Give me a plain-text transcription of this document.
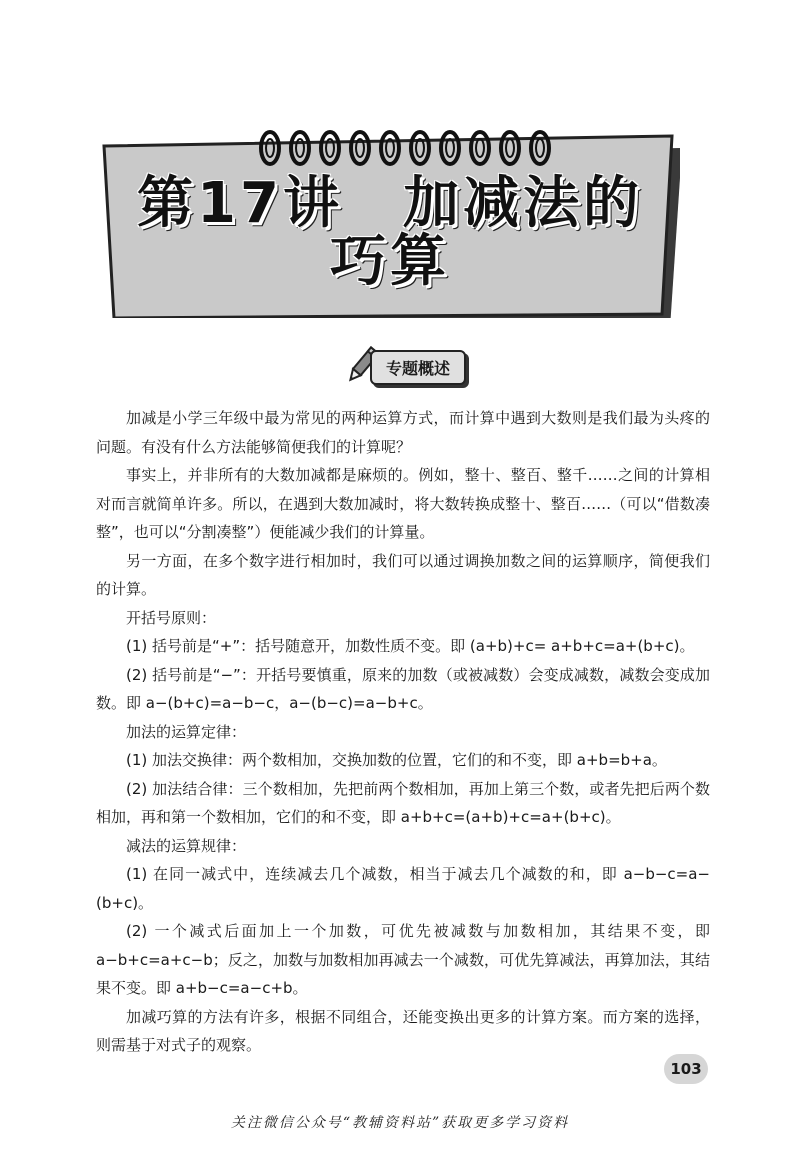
第17讲　加减法的
巧算
专题概述

加减是小学三年级中最为常见的两种运算方式，而计算中遇到大数则是我们最为头疼的问题。有没有什么方法能够简便我们的计算呢？

事实上，并非所有的大数加减都是麻烦的。例如，整十、整百、整千……之间的计算相对而言就简单许多。所以，在遇到大数加减时，将大数转换成整十、整百……（可以“借数凑整”，也可以“分割凑整”）便能减少我们的计算量。

另一方面，在多个数字进行相加时，我们可以通过调换加数之间的运算顺序，简便我们的计算。

开括号原则：

(1) 括号前是“+”：括号随意开，加数性质不变。即 (a+b)+c= a+b+c=a+(b+c)。

(2) 括号前是“−”：开括号要慎重，原来的加数（或被减数）会变成减数，减数会变成加数。即 a−(b+c)=a−b−c，a−(b−c)=a−b+c。

加法的运算定律：

(1) 加法交换律：两个数相加，交换加数的位置，它们的和不变，即 a+b=b+a。

(2) 加法结合律：三个数相加，先把前两个数相加，再加上第三个数，或者先把后两个数相加，再和第一个数相加，它们的和不变，即 a+b+c=(a+b)+c=a+(b+c)。

减法的运算规律：

(1) 在同一减式中，连续减去几个减数，相当于减去几个减数的和，即 a−b−c=a−(b+c)。

(2) 一个减式后面加上一个加数，可优先被减数与加数相加，其结果不变，即 a−b+c=a+c−b；反之，加数与加数相加再减去一个减数，可优先算减法，再算加法，其结果不变。即 a+b−c=a−c+b。

加减巧算的方法有许多，根据不同组合，还能变换出更多的计算方案。而方案的选择，则需基于对式子的观察。

103
关注微信公众号“教辅资料站”获取更多学习资料
